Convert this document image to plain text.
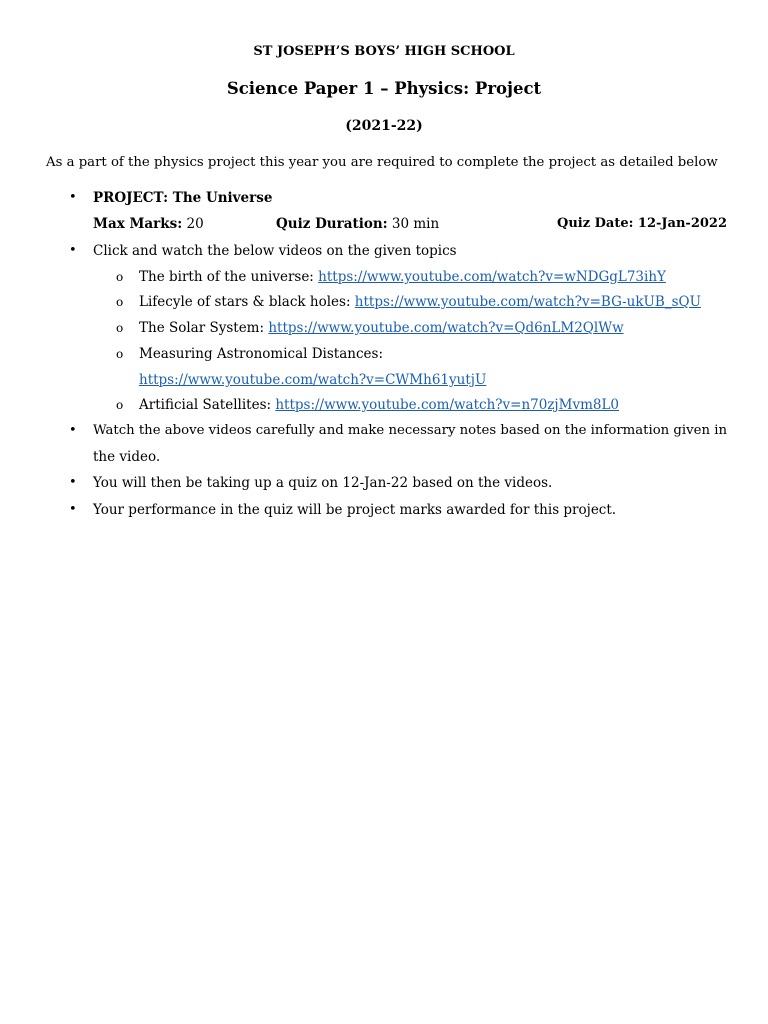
ST JOSEPH’S BOYS’ HIGH SCHOOL
Science Paper 1 – Physics: Project
(2021-22)
As a part of the physics project this year you are required to complete the project as detailed below
• PROJECT: The Universe
Max Marks: 20	Quiz Duration: 30 min	Quiz Date: 12-Jan-2022
• Click and watch the below videos on the given topics
o The birth of the universe: https://www.youtube.com/watch?v=wNDGgL73ihY
o Lifecyle of stars & black holes: https://www.youtube.com/watch?v=BG-ukUB_sQU
o The Solar System: https://www.youtube.com/watch?v=Qd6nLM2QlWw
o Measuring Astronomical Distances:
https://www.youtube.com/watch?v=CWMh61yutjU
o Artificial Satellites: https://www.youtube.com/watch?v=n70zjMvm8L0
• Watch the above videos carefully and make necessary notes based on the information given in
the video.
• You will then be taking up a quiz on 12-Jan-22 based on the videos.
• Your performance in the quiz will be project marks awarded for this project.
